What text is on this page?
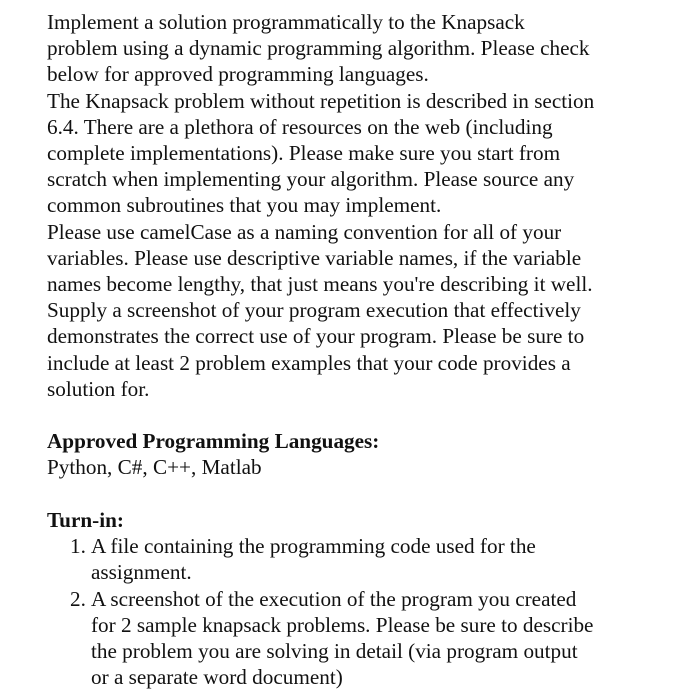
Implement a solution programmatically to the Knapsack

problem using a dynamic programming algorithm. Please check

below for approved programming languages.

The Knapsack problem without repetition is described in section

6.4. There are a plethora of resources on the web (including

complete implementations). Please make sure you start from

scratch when implementing your algorithm. Please source any

common subroutines that you may implement.

Please use camelCase as a naming convention for all of your

variables. Please use descriptive variable names, if the variable

names become lengthy, that just means you're describing it well.

Supply a screenshot of your program execution that effectively

demonstrates the correct use of your program. Please be sure to

include at least 2 problem examples that your code provides a

solution for.

Approved Programming Languages:

Python, C#, C++, Matlab

Turn-in:

1. A file containing the programming code used for the
assignment.
2. A screenshot of the execution of the program you created
for 2 sample knapsack problems. Please be sure to describe
the problem you are solving in detail (via program output
or a separate word document)
